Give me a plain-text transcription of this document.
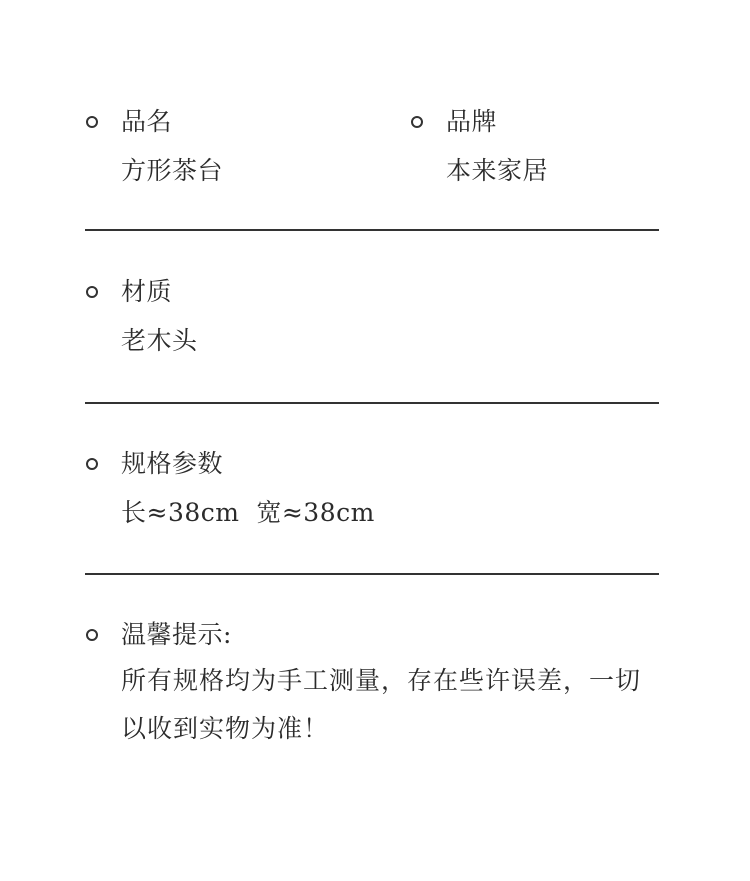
品名
方形茶台
品牌
本来家居
材质
老木头
规格参数
长≈38cm  宽≈38cm
温馨提示:
所有规格均为手工测量，存在些许误差，一切以收到实物为准！
